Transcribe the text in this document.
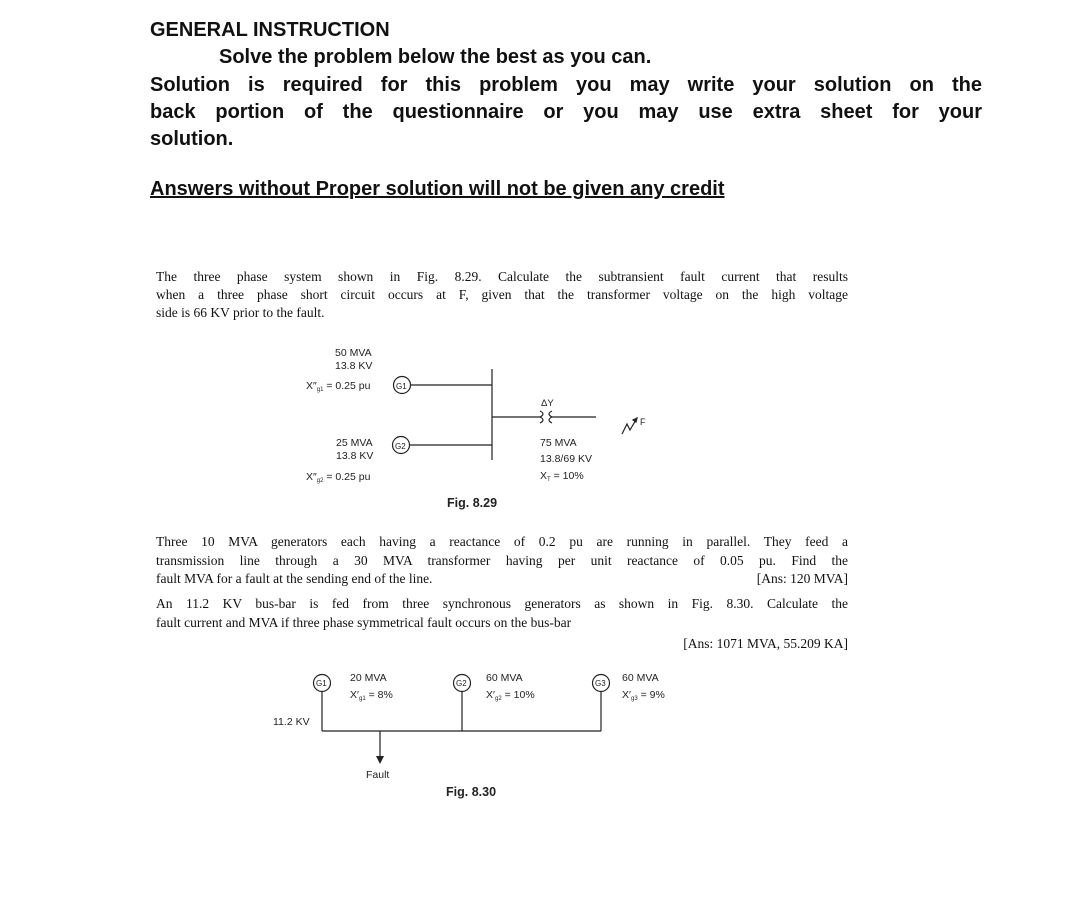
GENERAL INSTRUCTION
Solve the problem below the best as you can.
Solution is required for this problem you may write your solution on the
back portion of the questionnaire or you may use extra sheet for your
solution.
Answers without Proper solution will not be given any credit
The three phase system shown in Fig. 8.29. Calculate the subtransient fault current that results
when a three phase short circuit occurs at F, given that the transformer voltage on the high voltage
side is 66 KV prior to the fault.
50 MVA
13.8 KV
X″g1 = 0.25 pu	G1
25 MVA
13.8 KV
X″g2 = 0.25 pu
G2
ΔY
75 MVA
13.8/69 KV
XT = 10%
F
Fig. 8.29
Three 10 MVA generators each having a reactance of 0.2 pu are running in parallel. They feed a
transmission line through a 30 MVA transformer having per unit reactance of 0.05 pu. Find the
fault MVA for a fault at the sending end of the line.	[Ans: 120 MVA]
An 11.2 KV bus-bar is fed from three synchronous generators as shown in Fig. 8.30. Calculate the
fault current and MVA if three phase symmetrical fault occurs on the bus-bar
[Ans: 1071 MVA, 55.209 KA]
G1 20 MVA
X′g1 = 8%
G2 60 MVA
X′g2 = 10%
G3 60 MVA
X′g3 = 9%
11.2 KV
Fault
Fig. 8.30
